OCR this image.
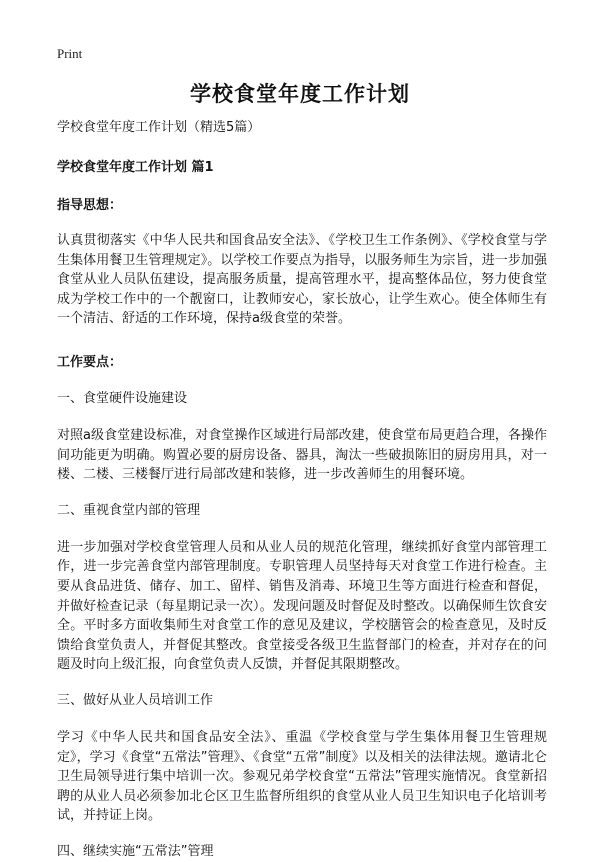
Print
学校食堂年度工作计划

学校食堂年度工作计划（精选5篇）

学校食堂年度工作计划 篇1

指导思想：

认真贯彻落实《中华人民共和国食品安全法》、《学校卫生工作条例》、《学校食堂与学生集体用餐卫生管理规定》。以学校工作要点为指导，以服务师生为宗旨，进一步加强食堂从业人员队伍建设，提高服务质量，提高管理水平，提高整体品位，努力使食堂成为学校工作中的一个靓窗口，让教师安心，家长放心，让学生欢心。使全体师生有一个清洁、舒适的工作环境，保持a级食堂的荣誉。

工作要点：

一、食堂硬件设施建设

对照a级食堂建设标准，对食堂操作区域进行局部改建，使食堂布局更趋合理，各操作间功能更为明确。购置必要的厨房设备、器具，淘汰一些破损陈旧的厨房用具，对一楼、二楼、三楼餐厅进行局部改建和装修，进一步改善师生的用餐环境。

二、重视食堂内部的管理

进一步加强对学校食堂管理人员和从业人员的规范化管理，继续抓好食堂内部管理工作，进一步完善食堂内部管理制度。专职管理人员坚持每天对食堂工作进行检查。主要从食品进货、储存、加工、留样、销售及消毒、环境卫生等方面进行检查和督促，并做好检查记录（每星期记录一次）。发现问题及时督促及时整改。以确保师生饮食安全。平时多方面收集师生对食堂工作的意见及建议，学校膳管会的检查意见，及时反馈给食堂负责人，并督促其整改。食堂接受各级卫生监督部门的检查，并对存在的问题及时向上级汇报，向食堂负责人反馈，并督促其限期整改。

三、做好从业人员培训工作

学习《中华人民共和国食品安全法》、重温《学校食堂与学生集体用餐卫生管理规定》，学习《食堂“五常法”管理》、《食堂“五常”制度》以及相关的法律法规。邀请北仑卫生局领导进行集中培训一次。参观兄弟学校食堂“五常法”管理实施情况。食堂新招聘的从业人员必须参加北仑区卫生监督所组织的食堂从业人员卫生知识电子化培训考试，并持证上岗。

四、继续实施“五常法”管理
